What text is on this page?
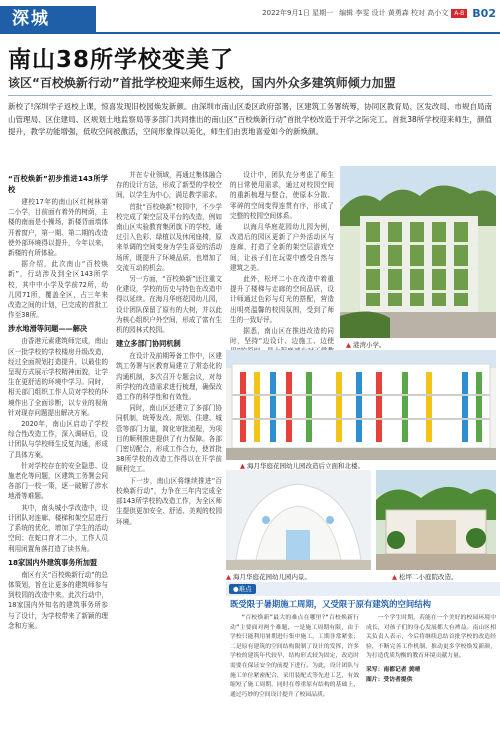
深城	2022年9月1日 星期一 编辑 李雯 设计 黄勇森 校对 高小文	A-B B02
南山38所学校变美了
该区“百校焕新行动”首批学校迎来师生返校，国内外众多建筑师倾力加盟
新校了!深圳学子返校上课，惊喜发现旧校园焕发新颜。由深圳市南山区委区政府部署，区建筑工务署统筹，协同区教育局、区发改局、市规自局南山管理局、区住建局、区规划土地监察局等多部门共同推出的南山区“百校焕新行动”首批学校改造于开学之际完工。首批38所学校迎来师生，颜值提升，教学功能增强，低收空间被激活，空间形象得以美化，师生们由衷地喜爱如今的新焕颜。
“百校焕新”初步推进143所学校

建校17年的南山区红树林第二小学，目前面有着外的树荫，主楼的南面是小操场，新楼背面墙体开着窗户，第一期、第二期的改造使外部环境得以提升，今年以来，新楼的有所体验。

据介绍，此次南山“百校焕新”，行动涉及到全区143所学校，其中中小学及学前72所，幼儿园71所，覆盖全区，占三年来改造之间的计划，已完成的首批工作至38所。

涉水地滑等问题——解决

由香港元素建筑师完成，南山区一批学校的学校楼房升级改造，经过全面规划打造提升，以最佳的呈现方式展示学校精神面貌，让学生在更舒适的环境中学习。同时，相关部门组织工作人员对学校的环境作出了全面诊断，以专业的视角针对现存问题提出解决方案。

2020年，南山区启动了学校综合性改造工作，深入调研后，设计团队与学校师生反复沟通，形成了具体方案。

针对学校存在的安全隐患、设施老化等问题，区建筑工务署会同各部门一校一策，逐一破解了涉水地滑等难题。

其中，南头城小学改造中，设计团队对连廊、楼梯和架空层进行了系统的优化，增加了学生的活动空间；在蛇口育才二小，工作人员利用闲置角落打造了读书角。

18家国内外建筑事务所加盟

南区有关“百校焕新行动”的总体策划，旨在让更多的建筑师参与到校园的改造中来。此次行动中，18家国内外知名的建筑事务所参与了设计，为学校带来了新颖的理念和方案。

并在专业领域，再通过集体融合存的设计方法，形成了新型的学校空间，以学生为中心，满足教学需求。

首批“百校焕新”校园中，不少学校完成了架空层及平台的改造，例如南山区实验教育集团旗下的学校，通过引入色彩、绿植以及休闲座椅，原来单调的空间变身为学生喜爱的活动场所，既提升了环境品质，也增加了交流互动的机会。

另一方面，“百校焕新”还注重文化建设，学校的历史与特色在改造中得以延续。在海月华庭花园幼儿园，设计团队保留了原有的大树，并以此为核心组织户外空间，形成了富有生机的园林式校园。

建立多部门协同机制

在设计及前期筹备工作中，区建筑工务署与区教育局建立了常态化的沟通机制，多次召开专题会议，对每所学校的改造需求进行梳理，确保改造工作的科学性和有效性。

同时，南山区还建立了多部门协同机制，统筹发改、规划、住建、城管等部门力量，简化审批流程，为项目的顺利推进提供了有力保障。各部门密切配合，形成工作合力，使首批38所学校的改造工作得以在开学前顺利完工。

下一步，南山区将继续推进“百校焕新行动”，力争在三年内完成全部143所学校的改造工作，为全区师生提供更加安全、舒适、美观的校园环境。

设计中，团队充分考虑了师生的日常使用需求，通过对校园空间的重新梳理与整合，使原本分散、零碎的空间变得连贯有序，形成了完整的校园空间体系。

以海月华庭花园幼儿园为例，改造后的园区更新了户外活动区与连廊，打造了全新的架空层游戏空间，让孩子们在玩耍中感受自然与建筑之美。

此外，松坪二小在改造中着重提升了楼梯与走廊的空间品质，设计师通过色彩与灯光的搭配，营造出明亮温馨的校园氛围，受到了师生的一致好评。

据悉，南山区在推进改造的同时，坚持“边设计、边施工、边使 ▲ 港湾小学。
▲ 海月华庭花园幼儿园改造后立面和北楼。
▲ 海月华庭花园幼儿园内景。	▲ 松坪二小庭院改造。
●难点
既受限于暑期施工周期，又受限于原有建筑的空间结构

“百校焕新”最大的难点在哪里?“百校焕新行动”主要面对两个难题，一是施工周期有限，由于学校只能利用暑期进行集中施工，工期非常紧张；二是原有建筑的空间结构限制了设计的发挥，许多学校的建筑年代较早，结构形式较为固定，改造时需要在保证安全的前提下进行。为此，设计团队与施工单位紧密配合，采用装配式等先进工艺，有效缩短了施工周期，同时在尊重原有结构的基础上，通过巧妙的空间设计提升了校园品质。

一个学生时期，若能在一个美好的校园环境中成长，对孩子们的身心发展都大有裨益。南山区相关负责人表示，今后将继续总结首批学校的改造经验，不断完善工作机制，推动更多学校焕发新颜，为打造优质均衡的教育环境贡献力量。

采写：南都记者 黄晴
图片：受访者提供
